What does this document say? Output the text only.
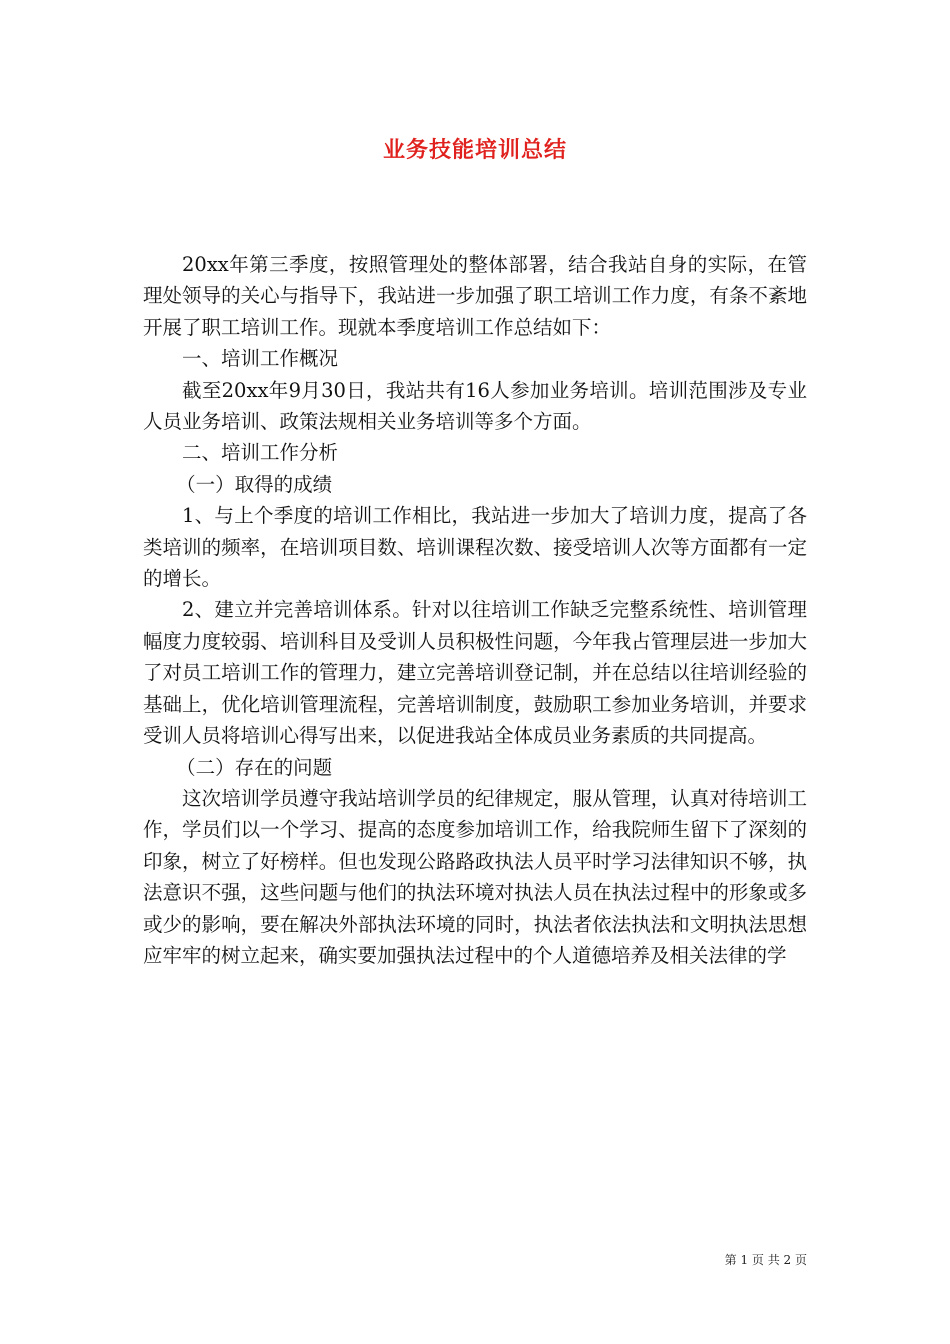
业务技能培训总结

20xx年第三季度，按照管理处的整体部署，结合我站自身的实际，在管理处领导的关心与指导下，我站进一步加强了职工培训工作力度，有条不紊地开展了职工培训工作。现就本季度培训工作总结如下：

一、培训工作概况

截至20xx年9月30日，我站共有16人参加业务培训。培训范围涉及专业人员业务培训、政策法规相关业务培训等多个方面。

二、培训工作分析

（一）取得的成绩

1、与上个季度的培训工作相比，我站进一步加大了培训力度，提高了各类培训的频率，在培训项目数、培训课程次数、接受培训人次等方面都有一定的增长。

2、建立并完善培训体系。针对以往培训工作缺乏完整系统性、培训管理幅度力度较弱、培训科目及受训人员积极性问题，今年我占管理层进一步加大了对员工培训工作的管理力，建立完善培训登记制，并在总结以往培训经验的基础上，优化培训管理流程，完善培训制度，鼓励职工参加业务培训，并要求受训人员将培训心得写出来，以促进我站全体成员业务素质的共同提高。

（二）存在的问题

这次培训学员遵守我站培训学员的纪律规定，服从管理，认真对待培训工作，学员们以一个学习、提高的态度参加培训工作，给我院师生留下了深刻的印象，树立了好榜样。但也发现公路路政执法人员平时学习法律知识不够，执法意识不强，这些问题与他们的执法环境对执法人员在执法过程中的形象或多或少的影响，要在解决外部执法环境的同时，执法者依法执法和文明执法思想应牢牢的树立起来，确实要加强执法过程中的个人道德培养及相关法律的学

第 1 页 共 2 页
